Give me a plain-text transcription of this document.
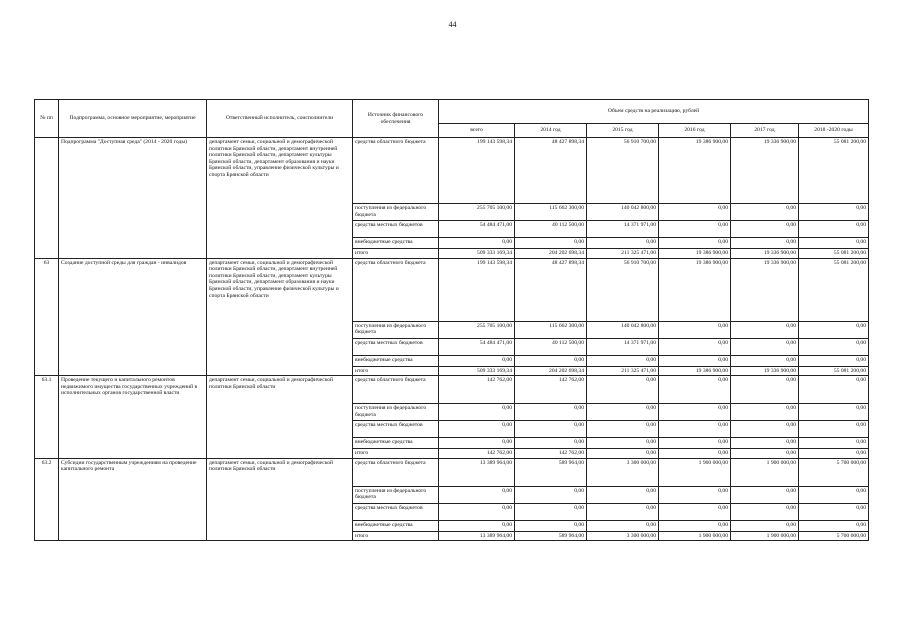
44
№ пп	Подпрограмма, основное мероприятие, мероприятие	Ответственный исполнитель, соисполнители	Источник финансового обеспечения	Объем средств на реализацию, рублей					
				всего	2014 год	2015 год	2016 год	2017 год	2018 -2020 годы
	Подпрограмма "Доступная среда" (2014 - 2020 годы)	департамент семьи, социальной и демографической политики Брянской области, департамент внутренней политики Брянской области, департамент культуры Брянской области, департамент образования и науки Брянской области, управление физической культуры и спорта Брянской области	средства областного бюджета	199 143 598,34	48 427 898,34	56 910 700,00	19 386 900,00	19 336 900,00	55 081 200,00
			поступления из федерального бюджета	255 705 100,00	115 662 300,00	140 042 800,00	0,00	0,00	0,00
			средства местных бюджетов	54 484 471,00	40 112 500,00	14 371 971,00	0,00	0,00	0,00
			внебюджетные средства	0,00	0,00	0,00	0,00	0,00	0,00
			итого	509 333 169,34	204 202 698,34	211 325 471,00	19 386 900,00	19 336 900,00	55 081 200,00
63	Создание доступной среды для граждан - инвалидов	департамент семьи, социальной и демографической политики Брянской области, департамент внутренней политики Брянской области, департамент культуры Брянской области, департамент образования и науки Брянской области, управление физической культуры и спорта Брянской области	средства областного бюджета	199 143 598,34	48 427 898,34	56 910 700,00	19 386 900,00	19 336 900,00	55 081 200,00
			поступления из федерального бюджета	255 705 100,00	115 662 300,00	140 042 800,00	0,00	0,00	0,00
			средства местных бюджетов	54 484 471,00	40 112 500,00	14 371 971,00	0,00	0,00	0,00
			внебюджетные средства	0,00	0,00	0,00	0,00	0,00	0,00
			итого	509 333 169,34	204 202 698,34	211 325 471,00	19 386 900,00	19 336 900,00	55 081 200,00
63.1	Проведение текущего и капитального ремонтов недвижимого имущества государственных учреждений в исполнительных органов государственной власти	департамент семьи, социальной и демографической политики Брянской области	средства областного бюджета	142 762,00	142 762,00	0,00	0,00	0,00	0,00
			поступления из федерального бюджета	0,00	0,00	0,00	0,00	0,00	0,00
			средства местных бюджетов	0,00	0,00	0,00	0,00	0,00	0,00
			внебюджетные средства	0,00	0,00	0,00	0,00	0,00	0,00
			итого	142 762,00	142 762,00	0,00	0,00	0,00	0,00
63.2	Субсидии государственным учреждениям на проведение капитального ремонта	департамент семьи, социальной и демографической политики Брянской области	средства областного бюджета	13 389 964,00	589 964,00	3 300 000,00	1 900 000,00	1 900 000,00	5 700 000,00
			поступления из федерального бюджета	0,00	0,00	0,00	0,00	0,00	0,00
			средства местных бюджетов	0,00	0,00	0,00	0,00	0,00	0,00
			внебюджетные средства	0,00	0,00	0,00	0,00	0,00	0,00
			итого	13 389 964,00	589 964,00	3 300 000,00	1 900 000,00	1 900 000,00	5 700 000,00
